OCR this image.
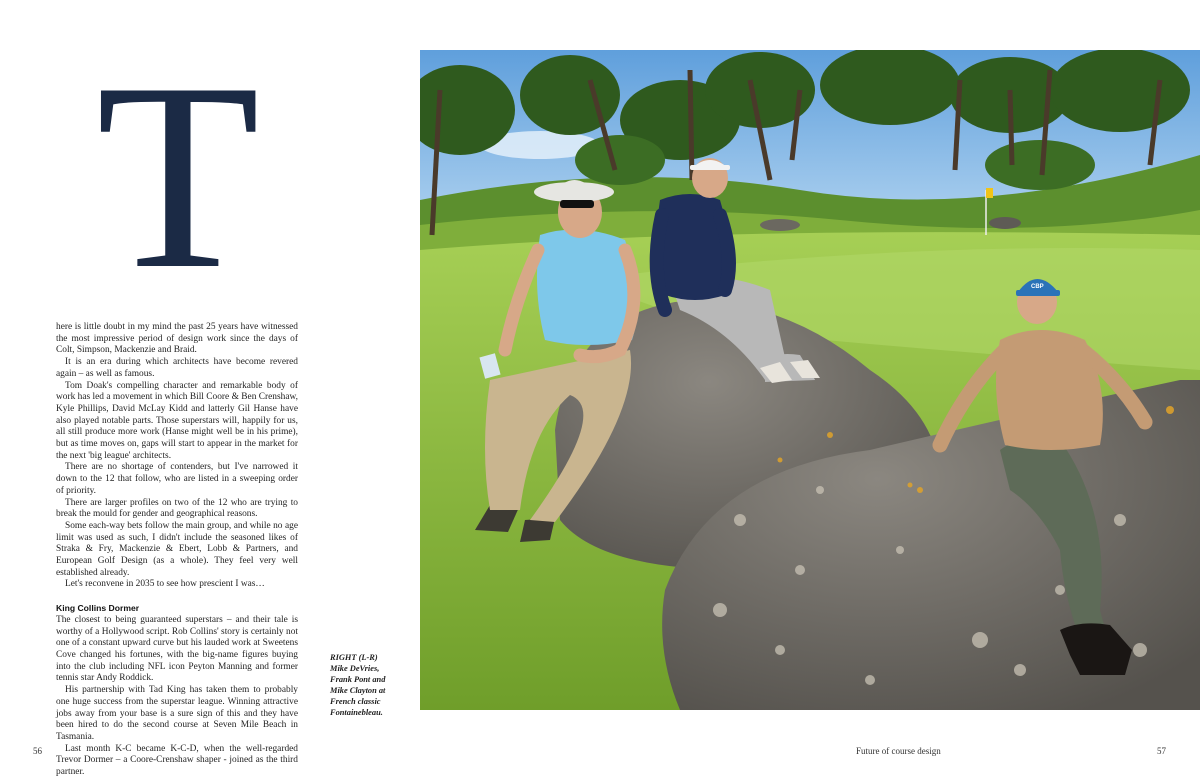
T

here is little doubt in my mind the past 25 years have witnessed the most impressive period of design work since the days of Colt, Simpson, Mackenzie and Braid.

It is an era during which architects have become revered again – as well as famous.

Tom Doak's compelling character and remarkable body of work has led a movement in which Bill Coore & Ben Crenshaw, Kyle Phillips, David McLay Kidd and latterly Gil Hanse have also played notable parts. Those superstars will, happily for us, all still produce more work (Hanse might well be in his prime), but as time moves on, gaps will start to appear in the market for the next 'big league' architects.

There are no shortage of contenders, but I've narrowed it down to the 12 that follow, who are listed in a sweeping order of priority.

There are larger profiles on two of the 12 who are trying to break the mould for gender and geographical reasons.

Some each-way bets follow the main group, and while no age limit was used as such, I didn't include the seasoned likes of Straka & Fry, Mackenzie & Ebert, Lobb & Partners, and European Golf Design (as a whole). They feel very well established already.

Let's reconvene in 2035 to see how prescient I was…

King Collins Dormer

The closest to being guaranteed superstars – and their tale is worthy of a Hollywood script. Rob Collins' story is certainly not one of a constant upward curve but his lauded work at Sweetens Cove changed his fortunes, with the big-name figures buying into the club including NFL icon Peyton Manning and former tennis star Andy Roddick.

His partnership with Tad King has taken them to probably one huge success from the superstar league. Winning attractive jobs away from your base is a sure sign of this and they have been hired to do the second course at Seven Mile Beach in Tasmania.

Last month K-C became K-C-D, when the well-regarded Trevor Dormer – a Coore-Crenshaw shaper - joined as the third partner.

RIGHT (L-R)
Mike DeVries,
Frank Pont and
Mike Clayton at
French classic
Fontainebleau.
CBP
56	Future of course design	57
